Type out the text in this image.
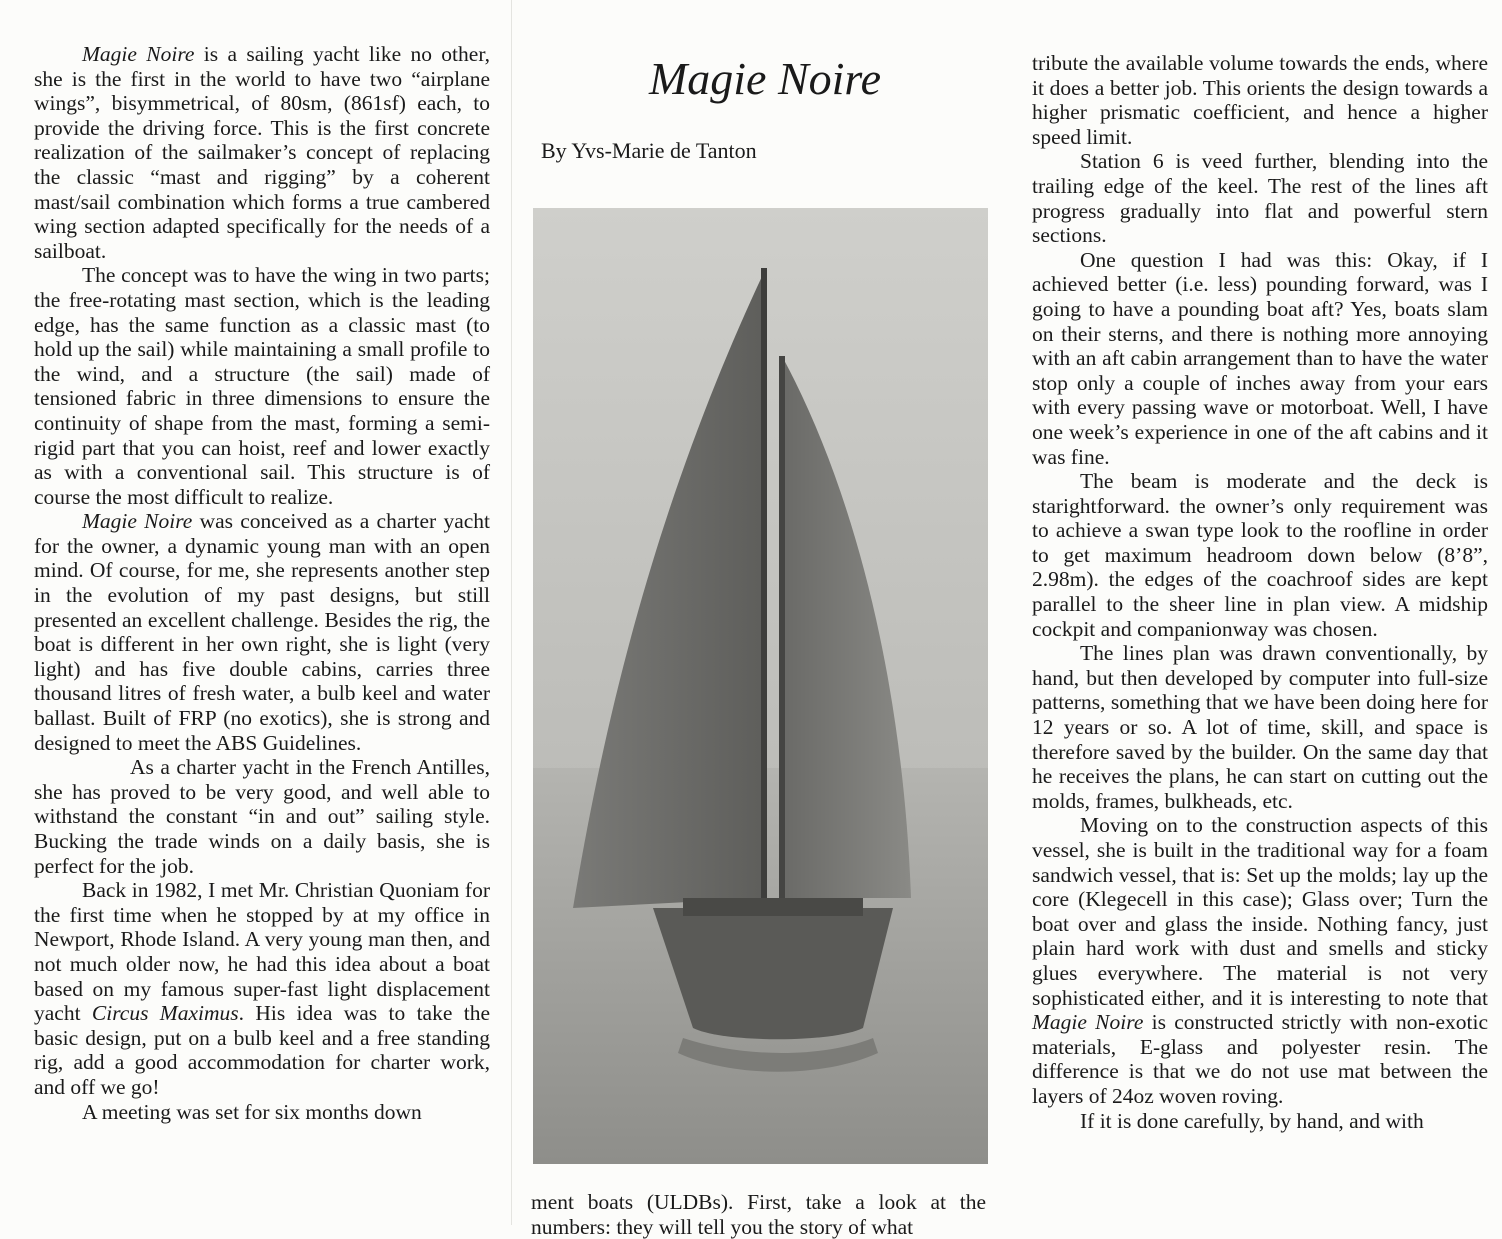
Magie Noire is a sailing yacht like no other, she is the first in the world to have two “airplane wings”, bisymmetrical, of 80sm, (861sf) each, to provide the driving force. This is the first concrete realization of the sailmaker’s concept of replacing the classic “mast and rigging” by a coherent mast/sail combination which forms a true cambered wing section adapted specifically for the needs of a sailboat.

The concept was to have the wing in two parts; the free-rotating mast section, which is the leading edge, has the same function as a classic mast (to hold up the sail) while maintaining a small profile to the wind, and a structure (the sail) made of tensioned fabric in three dimensions to ensure the continuity of shape from the mast, forming a semi-rigid part that you can hoist, reef and lower exactly as with a conventional sail. This structure is of course the most difficult to realize.

Magie Noire was conceived as a charter yacht for the owner, a dynamic young man with an open mind. Of course, for me, she represents another step in the evolution of my past designs, but still presented an excellent challenge. Besides the rig, the boat is different in her own right, she is light (very light) and has five double cabins, carries three thousand litres of fresh water, a bulb keel and water ballast. Built of FRP (no exotics), she is strong and designed to meet the ABS Guidelines.

As a charter yacht in the French Antilles, she has proved to be very good, and well able to withstand the constant “in and out” sailing style. Bucking the trade winds on a daily basis, she is perfect for the job.

Back in 1982, I met Mr. Christian Quoniam for the first time when he stopped by at my office in Newport, Rhode Island. A very young man then, and not much older now, he had this idea about a boat based on my famous super-fast light displacement yacht Circus Maximus. His idea was to take the basic design, put on a bulb keel and a free standing rig, add a good accommodation for charter work, and off we go!

A meeting was set for six months down

Magie Noire

By Yvs-Marie de Tanton

ment boats (ULDBs). First, take a look at the numbers: they will tell you the story of what

tribute the available volume towards the ends, where it does a better job. This orients the design towards a higher prismatic coefficient, and hence a higher speed limit.

Station 6 is veed further, blending into the trailing edge of the keel. The rest of the lines aft progress gradually into flat and powerful stern sections.

One question I had was this: Okay, if I achieved better (i.e. less) pounding forward, was I going to have a pounding boat aft? Yes, boats slam on their sterns, and there is nothing more annoying with an aft cabin arrangement than to have the water stop only a couple of inches away from your ears with every passing wave or motorboat. Well, I have one week’s experience in one of the aft cabins and it was fine.

The beam is moderate and the deck is starightforward. the owner’s only requirement was to achieve a swan type look to the roofline in order to get maximum headroom down below (8’8”, 2.98m). the edges of the coachroof sides are kept parallel to the sheer line in plan view. A midship cockpit and companionway was chosen.

The lines plan was drawn conventionally, by hand, but then developed by computer into full-size patterns, something that we have been doing here for 12 years or so. A lot of time, skill, and space is therefore saved by the builder. On the same day that he receives the plans, he can start on cutting out the molds, frames, bulkheads, etc.

Moving on to the construction aspects of this vessel, she is built in the traditional way for a foam sandwich vessel, that is: Set up the molds; lay up the core (Klegecell in this case); Glass over; Turn the boat over and glass the inside. Nothing fancy, just plain hard work with dust and smells and sticky glues everywhere. The material is not very sophisticated either, and it is interesting to note that Magie Noire is constructed strictly with non-exotic materials, E-glass and polyester resin. The difference is that we do not use mat between the layers of 24oz woven roving.

If it is done carefully, by hand, and with
